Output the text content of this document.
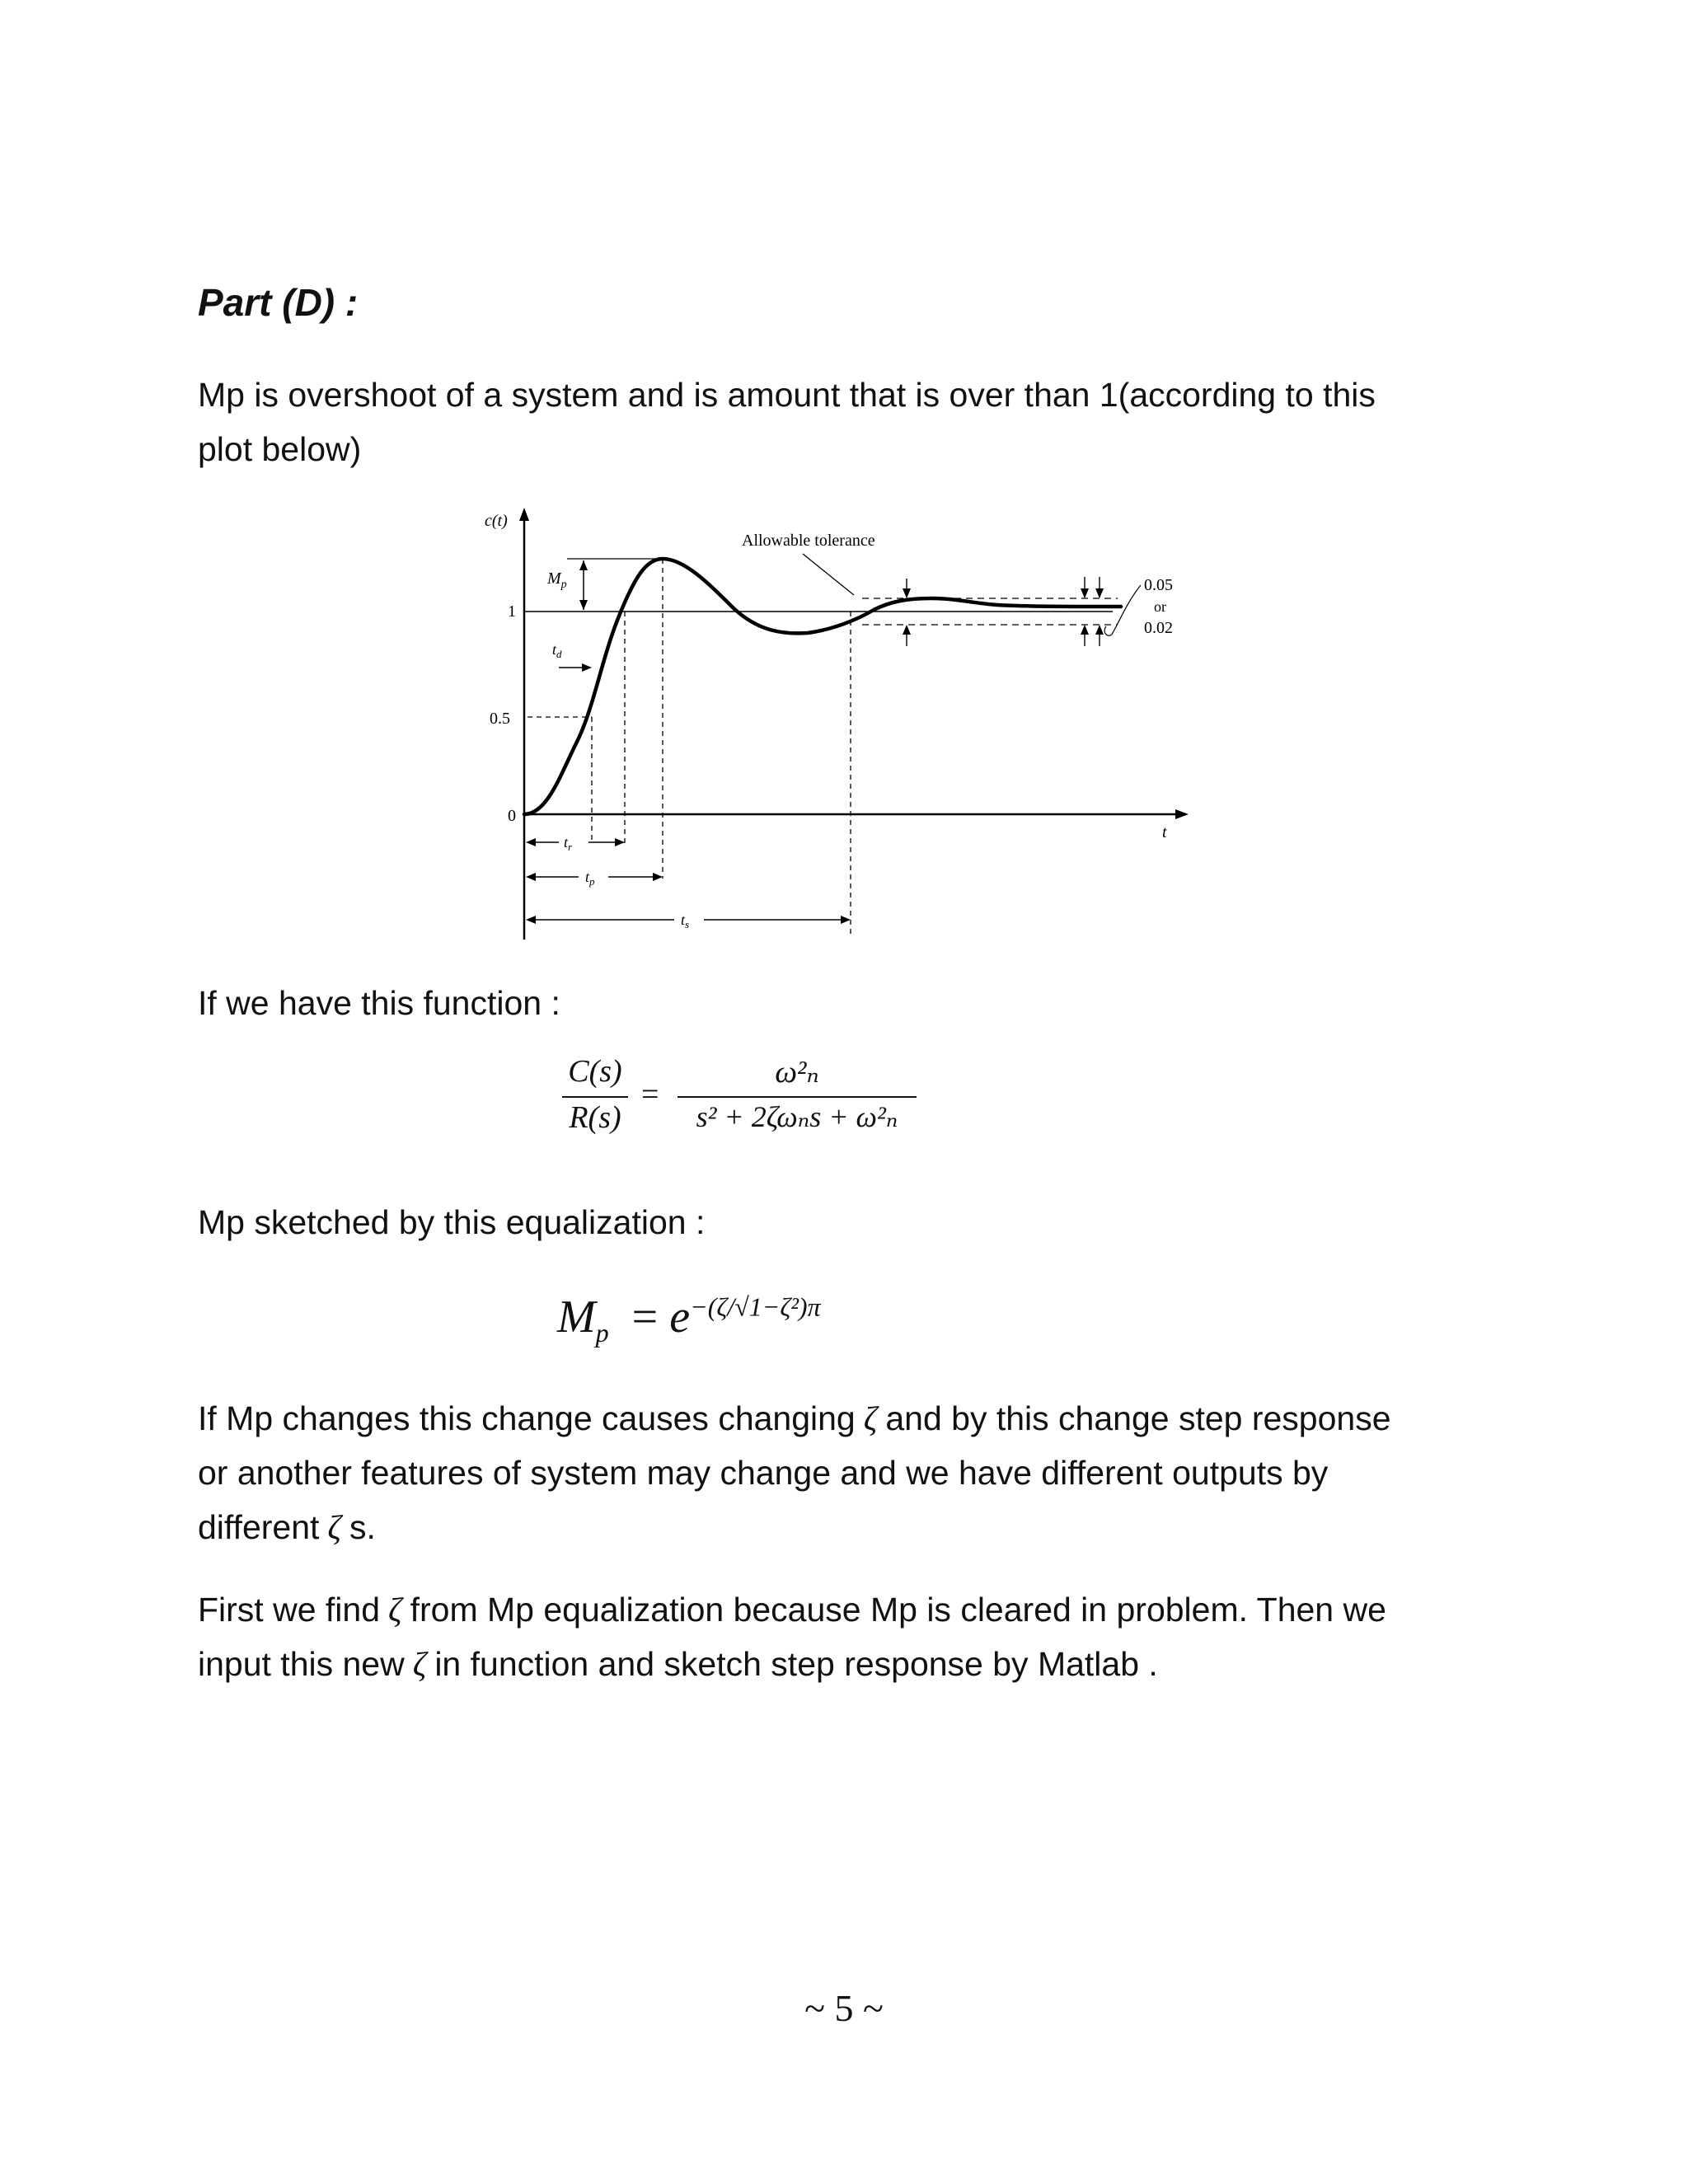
Part (D) :

Mp is overshoot of a system and is amount that is over than 1(according to this
plot below)

c(t)
t
1
0.5
0
$M_p$
$t_d$
$t_r$
$t_p$
$t_s$
Allowable tolerance
0.05
or
0.02

If we have this function :

C(s)
R(s)
=
ω²ₙ
s² + 2ζωₙs + ω²ₙ

Mp sketched by this equalization :

$M_p = e^{-(\zeta/√1-\zeta^2)\pi}$

If Mp changes this change causes changing ζ and by this change step response
or another features of system may change and we have different outputs by
different ζ s.

First we find ζ from Mp equalization because Mp is cleared in problem. Then we
input this new ζ in function and sketch step response by Matlab .

~ 5 ~
